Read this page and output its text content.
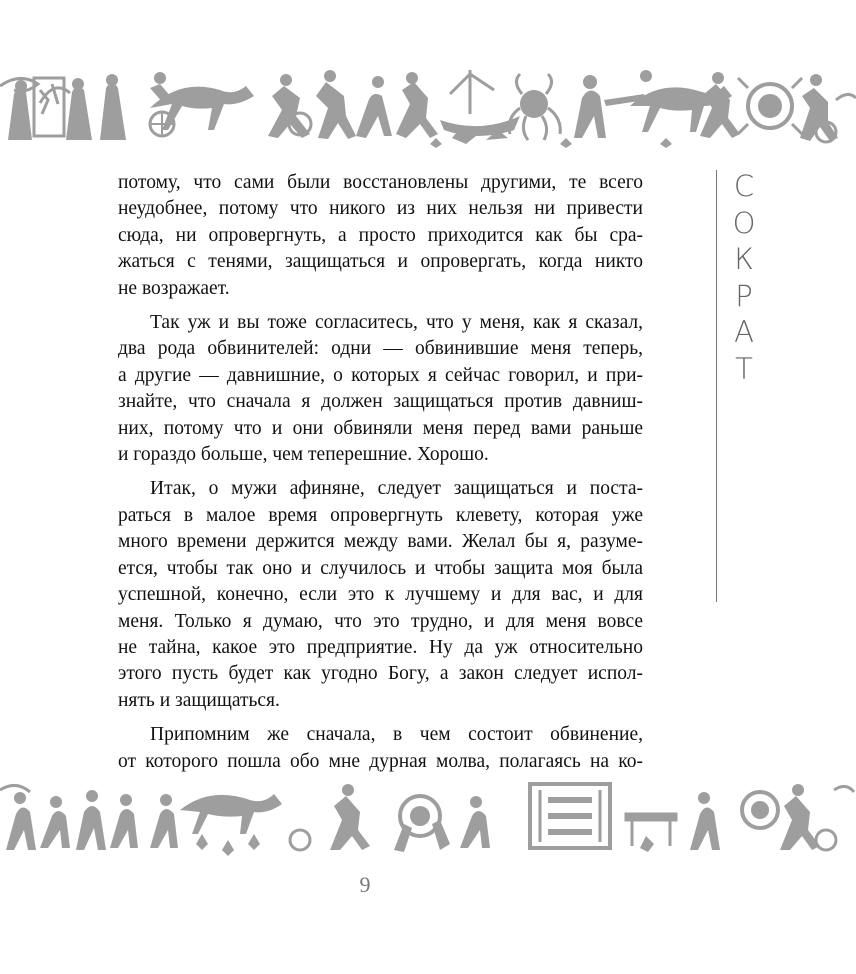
потому, что сами были восстановлены другими, те всего

неудобнее, потому что никого из них нельзя ни привести

сюда, ни опровергнуть, а просто приходится как бы сра-

жаться с тенями, защищаться и опровергать, когда никто

не возражает.

Так уж и вы тоже согласитесь, что у меня, как я сказал,

два рода обвинителей: одни — обвинившие меня теперь,

а другие — давнишние, о которых я сейчас говорил, и при-

знайте, что сначала я должен защищаться против давниш-

них, потому что и они обвиняли меня перед вами раньше

и гораздо больше, чем теперешние. Хорошо.

Итак, о мужи афиняне, следует защищаться и поста-

раться в малое время опровергнуть клевету, которая уже

много времени держится между вами. Желал бы я, разуме-

ется, чтобы так оно и случилось и чтобы защита моя была

успешной, конечно, если это к лучшему и для вас, и для

меня. Только я думаю, что это трудно, и для меня вовсе

не тайна, какое это предприятие. Ну да уж относительно

этого пусть будет как угодно Богу, а закон следует испол-

нять и защищаться.

Припомним же сначала, в чем состоит обвинение,

от которого пошла обо мне дурная молва, полагаясь на ко-

С
О
К
Р
А
Т
9
